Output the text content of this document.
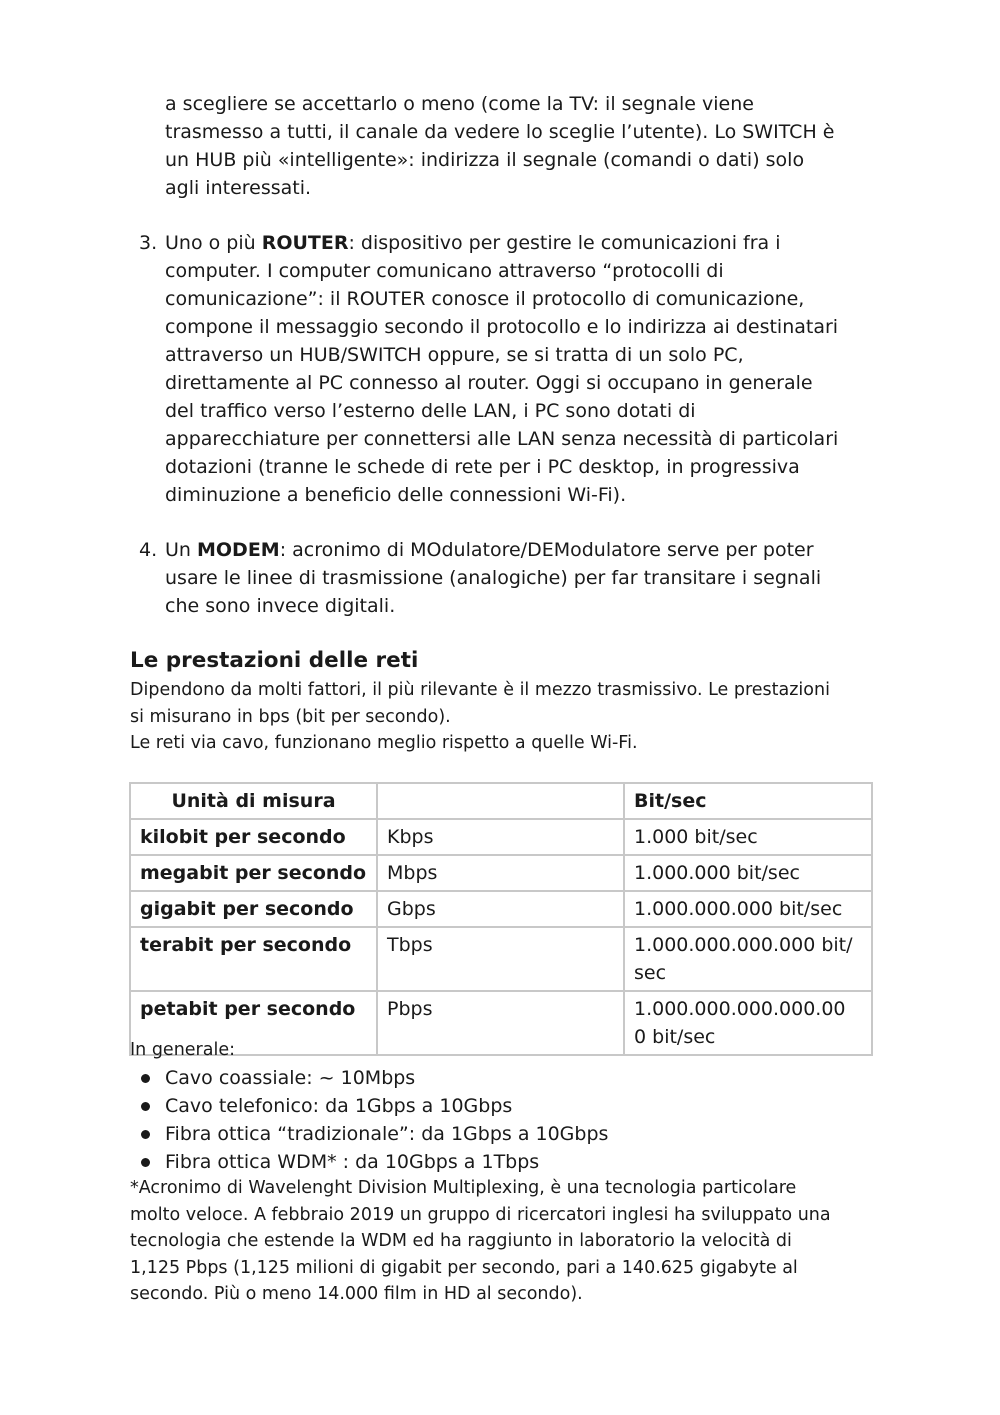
a scegliere se accettarlo o meno (come la TV: il segnale viene

trasmesso a tutti, il canale da vedere lo sceglie l’utente). Lo SWITCH è

un HUB più «intelligente»: indirizza il segnale (comandi o dati) solo

agli interessati.

3. Uno o più ROUTER: dispositivo per gestire le comunicazioni fra i

computer. I computer comunicano attraverso “protocolli di

comunicazione”: il ROUTER conosce il protocollo di comunicazione,

compone il messaggio secondo il protocollo e lo indirizza ai destinatari

attraverso un HUB/SWITCH oppure, se si tratta di un solo PC,

direttamente al PC connesso al router. Oggi si occupano in generale

del traffico verso l’esterno delle LAN, i PC sono dotati di

apparecchiature per connettersi alle LAN senza necessità di particolari

dotazioni (tranne le schede di rete per i PC desktop, in progressiva

diminuzione a beneficio delle connessioni Wi-Fi).

4. Un MODEM: acronimo di MOdulatore/DEModulatore serve per poter

usare le linee di trasmissione (analogiche) per far transitare i segnali

che sono invece digitali.

Le prestazioni delle reti

Dipendono da molti fattori, il più rilevante è il mezzo trasmissivo. Le prestazioni

si misurano in bps (bit per secondo).

Le reti via cavo, funzionano meglio rispetto a quelle Wi-Fi.

Unità di misura		Bit/sec
kilobit per secondo	Kbps	1.000 bit/sec
megabit per secondo	Mbps	1.000.000 bit/sec
gigabit per secondo	Gbps	1.000.000.000 bit/sec
terabit per secondo	Tbps	1.000.000.000.000 bit/
sec
petabit per secondo	Pbps	1.000.000.000.000.00
0 bit/sec

In generale:

Cavo coassiale: ~ 10Mbps
Cavo telefonico: da 1Gbps a 10Gbps
Fibra ottica “tradizionale”: da 1Gbps a 10Gbps
Fibra ottica WDM* : da 10Gbps a 1Tbps

*Acronimo di Wavelenght Division Multiplexing, è una tecnologia particolare

molto veloce. A febbraio 2019 un gruppo di ricercatori inglesi ha sviluppato una

tecnologia che estende la WDM ed ha raggiunto in laboratorio la velocità di

1,125 Pbps (1,125 milioni di gigabit per secondo, pari a 140.625 gigabyte al

secondo. Più o meno 14.000 film in HD al secondo).
